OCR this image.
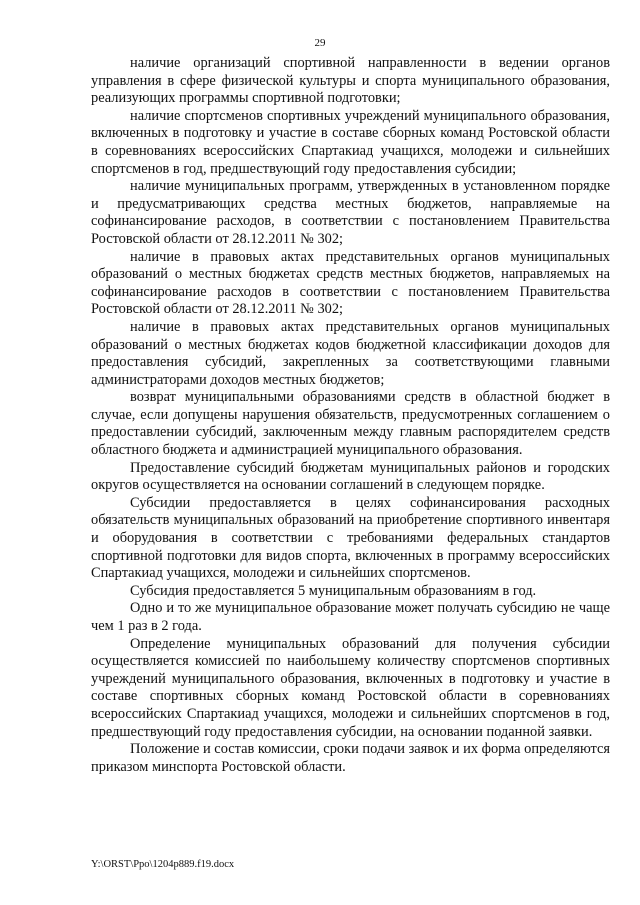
29

наличие организаций спортивной направленности в ведении органов управления в сфере физической культуры и спорта муниципального образования, реализующих программы спортивной подготовки;

наличие спортсменов спортивных учреждений муниципального образования, включенных в подготовку и участие в составе сборных команд Ростовской области в соревнованиях всероссийских Спартакиад учащихся, молодежи и сильнейших спортсменов в год, предшествующий году предоставления субсидии;

наличие муниципальных программ, утвержденных в установленном порядке и предусматривающих средства местных бюджетов, направляемые на софинансирование расходов, в соответствии с постановлением Правительства Ростовской области от 28.12.2011 № 302;

наличие в правовых актах представительных органов муниципальных образований о местных бюджетах средств местных бюджетов, направляемых на софинансирование расходов в соответствии с постановлением Правительства Ростовской области от 28.12.2011 № 302;

наличие в правовых актах представительных органов муниципальных образований о местных бюджетах кодов бюджетной классификации доходов для предоставления субсидий, закрепленных за соответствующими главными администраторами доходов местных бюджетов;

возврат муниципальными образованиями средств в областной бюджет в случае, если допущены нарушения обязательств, предусмотренных соглашением о предоставлении субсидий, заключенным между главным распорядителем средств областного бюджета и администрацией муниципального образования.

Предоставление субсидий бюджетам муниципальных районов и городских округов осуществляется на основании соглашений в следующем порядке.

Субсидии предоставляется в целях софинансирования расходных обязательств муниципальных образований на приобретение спортивного инвентаря и оборудования в соответствии с требованиями федеральных стандартов спортивной подготовки для видов спорта, включенных в программу всероссийских Спартакиад учащихся, молодежи и сильнейших спортсменов.

Субсидия предоставляется 5 муниципальным образованиям в год.

Одно и то же муниципальное образование может получать субсидию не чаще чем 1 раз в 2 года.

Определение муниципальных образований для получения субсидии осуществляется комиссией по наибольшему количеству спортсменов спортивных учреждений муниципального образования, включенных в подготовку и участие в составе спортивных сборных команд Ростовской области в соревнованиях всероссийских Спартакиад учащихся, молодежи и сильнейших спортсменов в год, предшествующий году предоставления субсидии, на основании поданной заявки.

Положение и состав комиссии, сроки подачи заявок и их форма определяются приказом минспорта Ростовской области.

Y:\ORST\Ppo\1204p889.f19.docx
